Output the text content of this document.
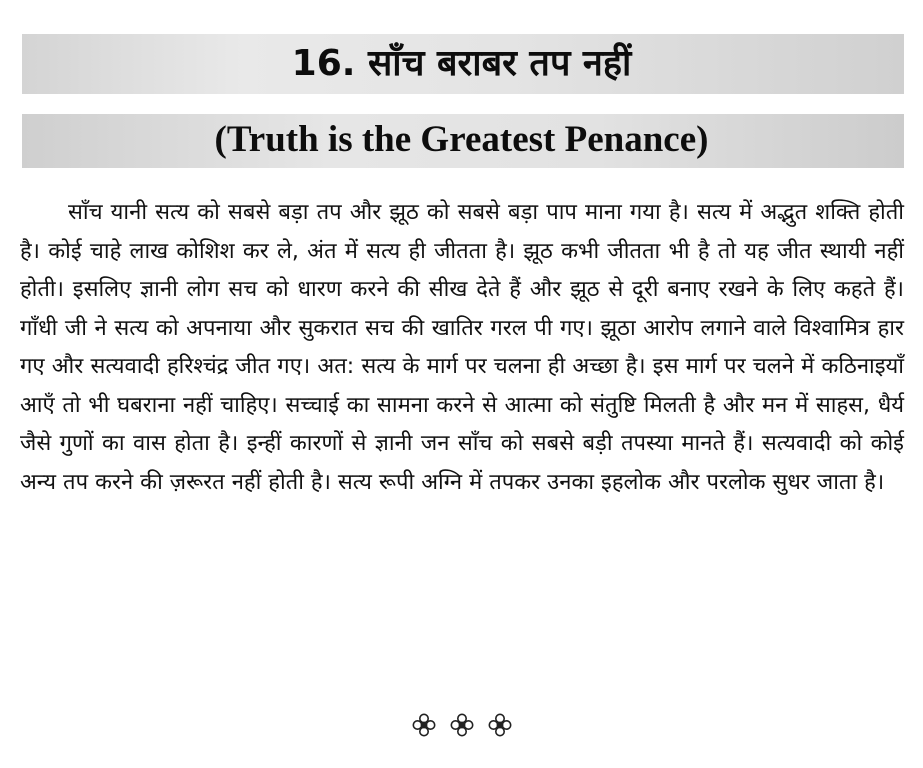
16. साँच बराबर तप नहीं
(Truth is the Greatest Penance)

साँच यानी सत्य को सबसे बड़ा तप और झूठ को सबसे बड़ा पाप माना गया है। सत्य में अद्भुत शक्ति होती है। कोई चाहे लाख कोशिश कर ले, अंत में सत्य ही जीतता है। झूठ कभी जीतता भी है तो यह जीत स्थायी नहीं होती। इसलिए ज्ञानी लोग सच को धारण करने की सीख देते हैं और झूठ से दूरी बनाए रखने के लिए कहते हैं। गाँधी जी ने सत्य को अपनाया और सुकरात सच की खातिर गरल पी गए। झूठा आरोप लगाने वाले विश्वामित्र हार गए और सत्यवादी हरिश्चंद्र जीत गए। अत: सत्य के मार्ग पर चलना ही अच्छा है। इस मार्ग पर चलने में कठिनाइयाँ आएँ तो भी घबराना नहीं चाहिए। सच्चाई का सामना करने से आत्मा को संतुष्टि मिलती है और मन में साहस, धैर्य जैसे गुणों का वास होता है। इन्हीं कारणों से ज्ञानी जन साँच को सबसे बड़ी तपस्या मानते हैं। सत्यवादी को कोई अन्य तप करने की ज़रूरत नहीं होती है। सत्य रूपी अग्नि में तपकर उनका इहलोक और परलोक सुधर जाता है।
